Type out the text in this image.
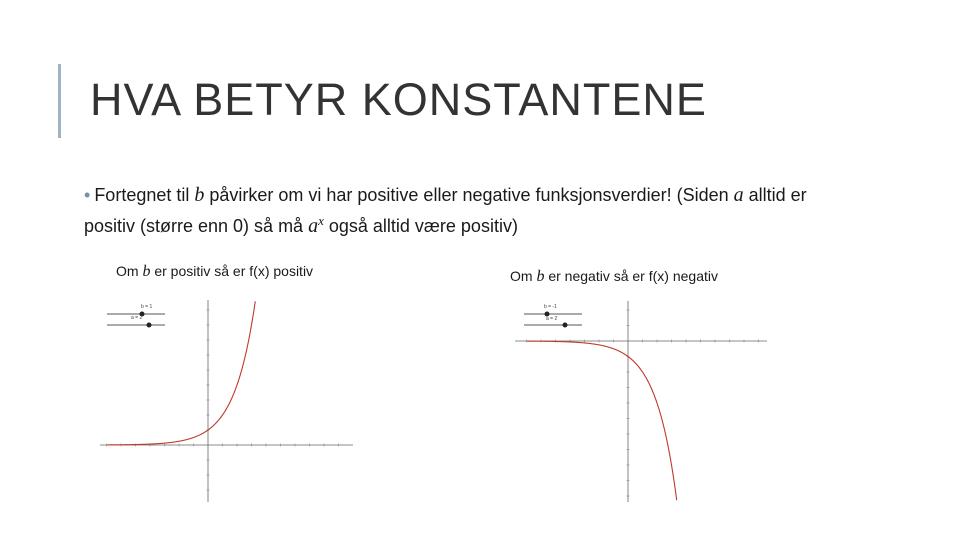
HVA BETYR KONSTANTENE
• Fortegnet til b påvirker om vi har positive eller negative funksjonsverdier! (Siden a alltid er positiv (større enn 0) så må $a^x$ også alltid være positiv)
Om b er positiv så er f(x) positiv	Om b er negativ så er f(x) negativ
b = 1
a = 2
b = -1
a = 2
